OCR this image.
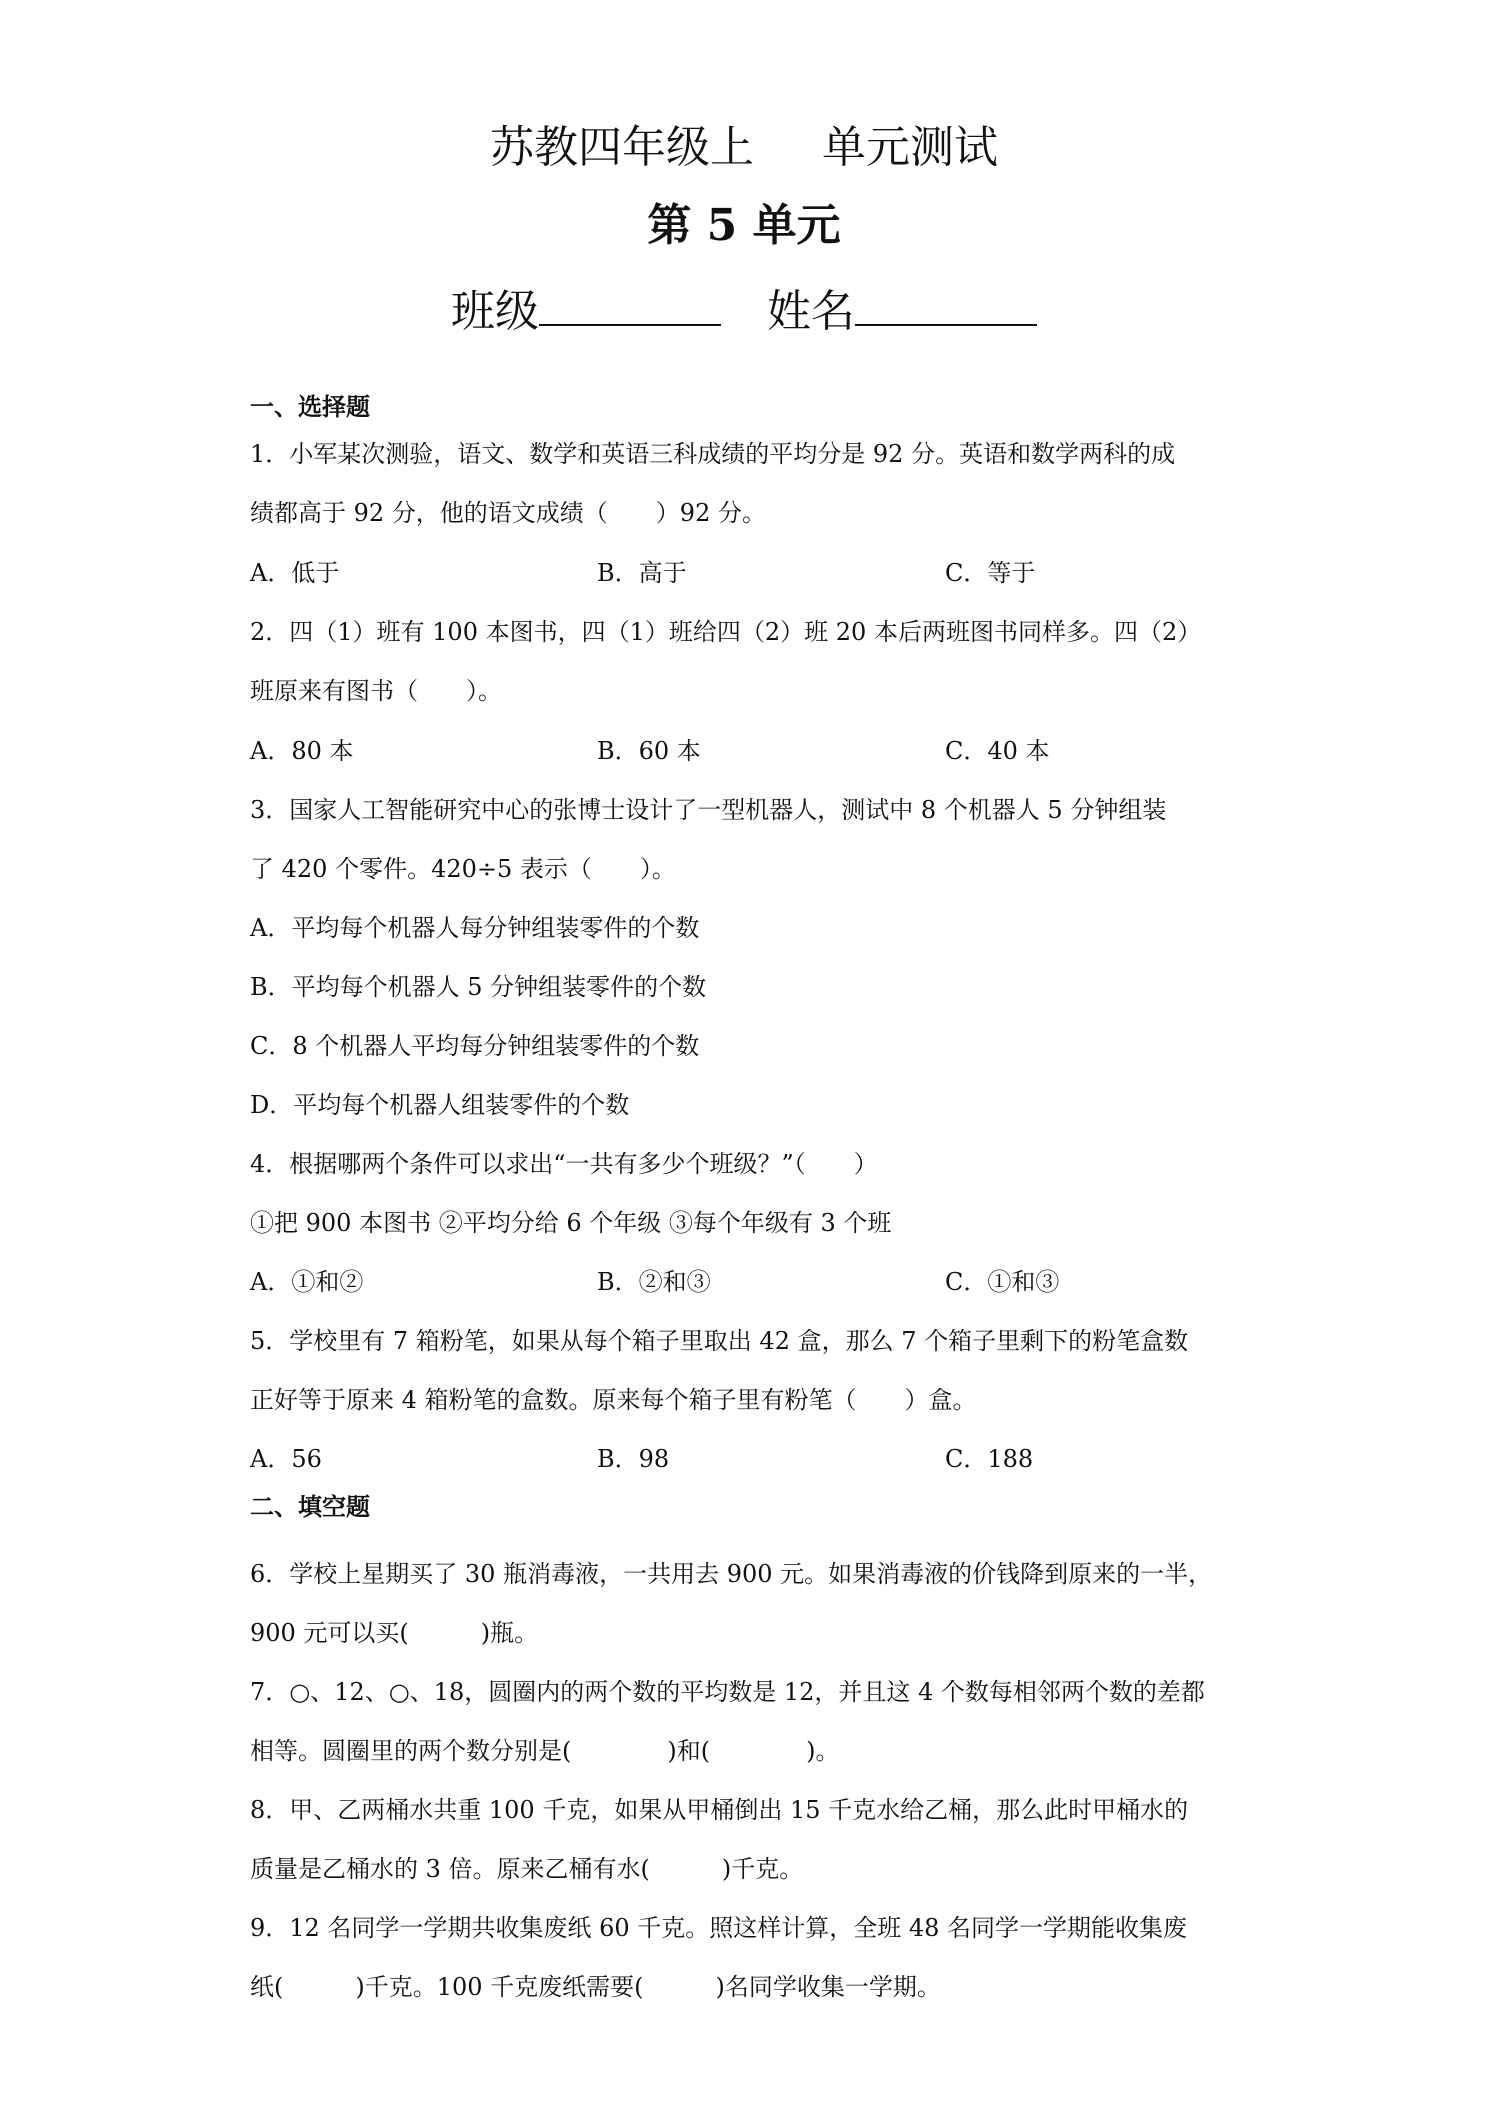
苏教四年级上 单元测试
第 5 单元
班级	姓名
一、选择题
1．小军某次测验，语文、数学和英语三科成绩的平均分是 92 分。英语和数学两科的成
绩都高于 92 分，他的语文成绩（　　）92 分。
A．低于	B．高于	C．等于
2．四（1）班有 100 本图书，四（1）班给四（2）班 20 本后两班图书同样多。四（2）
班原来有图书（　　）。
A．80 本	B．60 本	C．40 本
3．国家人工智能研究中心的张博士设计了一型机器人，测试中 8 个机器人 5 分钟组装
了 420 个零件。420÷5 表示（　　）。
A．平均每个机器人每分钟组装零件的个数
B．平均每个机器人 5 分钟组装零件的个数
C．8 个机器人平均每分钟组装零件的个数
D．平均每个机器人组装零件的个数
4．根据哪两个条件可以求出“一共有多少个班级？”（　　）
①把 900 本图书 ②平均分给 6 个年级 ③每个年级有 3 个班
A．①和②	B．②和③	C．①和③
5．学校里有 7 箱粉笔，如果从每个箱子里取出 42 盒，那么 7 个箱子里剩下的粉笔盒数
正好等于原来 4 箱粉笔的盒数。原来每个箱子里有粉笔（　　）盒。
A．56	B．98	C．188
二、填空题
6．学校上星期买了 30 瓶消毒液，一共用去 900 元。如果消毒液的价钱降到原来的一半，
900 元可以买(　　　)瓶。
7．○、12、○、18，圆圈内的两个数的平均数是 12，并且这 4 个数每相邻两个数的差都
相等。圆圈里的两个数分别是(　　　　)和(　　　　)。
8．甲、乙两桶水共重 100 千克，如果从甲桶倒出 15 千克水给乙桶，那么此时甲桶水的
质量是乙桶水的 3 倍。原来乙桶有水(　　　)千克。
9．12 名同学一学期共收集废纸 60 千克。照这样计算，全班 48 名同学一学期能收集废
纸(　　　)千克。100 千克废纸需要(　　　)名同学收集一学期。
